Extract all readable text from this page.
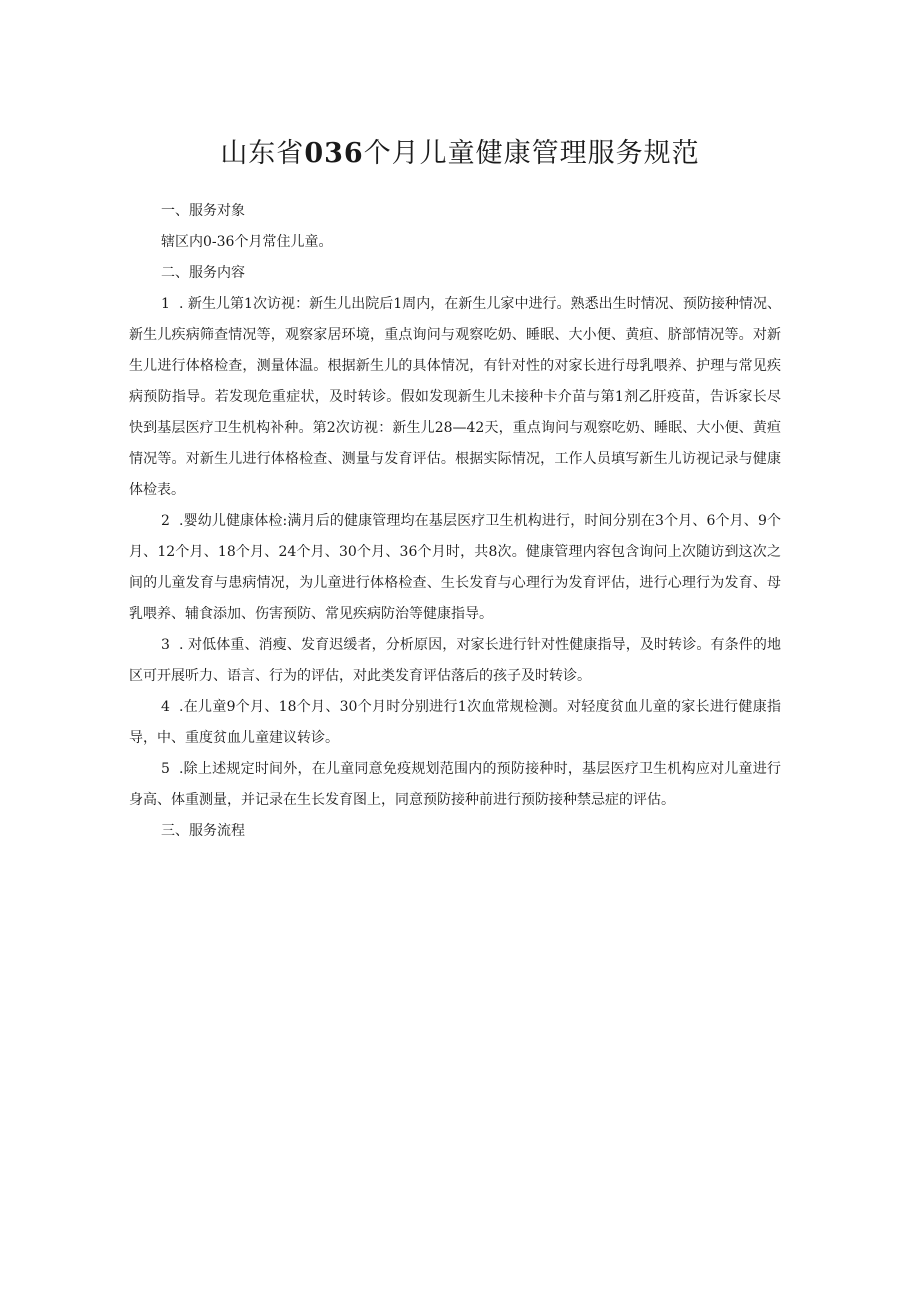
山东省036个月儿童健康管理服务规范

一、服务对象

辖区内0-36个月常住儿童。

二、服务内容

1 . 新生儿第1次访视：新生儿出院后1周内，在新生儿家中进行。熟悉出生时情况、预防接种情况、新生儿疾病筛查情况等，观察家居环境，重点询问与观察吃奶、睡眠、大小便、黄疸、脐部情况等。对新生儿进行体格检查，测量体温。根据新生儿的具体情况，有针对性的对家长进行母乳喂养、护理与常见疾病预防指导。若发现危重症状，及时转诊。假如发现新生儿未接种卡介苗与第1剂乙肝疫苗，告诉家长尽快到基层医疗卫生机构补种。第2次访视：新生儿28—42天，重点询问与观察吃奶、睡眠、大小便、黄疸情况等。对新生儿进行体格检查、测量与发育评估。根据实际情况，工作人员填写新生儿访视记录与健康体检表。

2 .婴幼儿健康体检:满月后的健康管理均在基层医疗卫生机构进行，时间分别在3个月、6个月、9个月、12个月、18个月、24个月、30个月、36个月时，共8次。健康管理内容包含询问上次随访到这次之间的儿童发育与患病情况，为儿童进行体格检查、生长发育与心理行为发育评估，进行心理行为发育、母乳喂养、辅食添加、伤害预防、常见疾病防治等健康指导。

3 . 对低体重、消瘦、发育迟缓者，分析原因，对家长进行针对性健康指导，及时转诊。有条件的地区可开展听力、语言、行为的评估，对此类发育评估落后的孩子及时转诊。

4 .在儿童9个月、18个月、30个月时分别进行1次血常规检测。对轻度贫血儿童的家长进行健康指导，中、重度贫血儿童建议转诊。

5 .除上述规定时间外，在儿童同意免疫规划范围内的预防接种时，基层医疗卫生机构应对儿童进行身高、体重测量，并记录在生长发育图上，同意预防接种前进行预防接种禁忌症的评估。

三、服务流程
